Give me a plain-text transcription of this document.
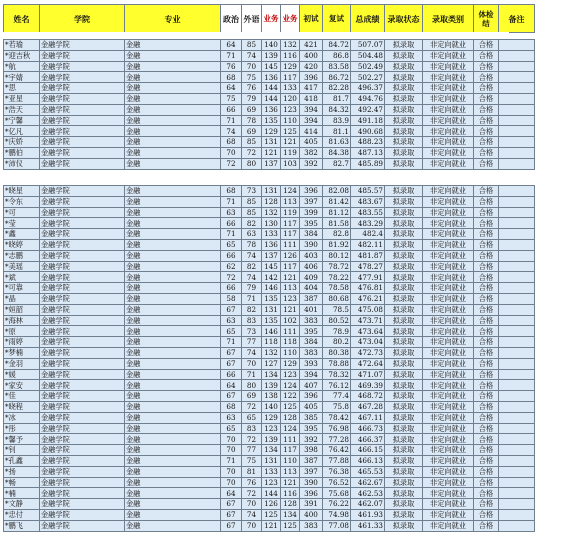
姓名	学院	专业	政治	外语	业务	业务	初试	复试	总成绩	录取状态	录取类别	体检结	备注
*若瑜	金融学院	金融	64	85	140	132	421	84.72	507.07	拟录取	非定向就业	合格	
*迎吉秋	金融学院	金融	71	74	139	116	400	86.8	504.48	拟录取	非定向就业	合格	
*航	金融学院	金融	76	70	145	129	420	83.58	502.49	拟录取	非定向就业	合格	
*宇婧	金融学院	金融	68	75	136	117	396	86.72	502.27	拟录取	非定向就业	合格	
*思	金融学院	金融	64	76	144	133	417	82.28	496.37	拟录取	非定向就业	合格	
*亚星	金融学院	金融	75	79	144	120	418	81.7	494.76	拟录取	非定向就业	合格	
*浩天	金融学院	金融	66	69	136	123	394	84.32	492.47	拟录取	非定向就业	合格	
*宁馨	金融学院	金融	71	78	135	110	394	83.9	491.18	拟录取	非定向就业	合格	
*亿凡	金融学院	金融	74	69	129	125	414	81.1	490.68	拟录取	非定向就业	合格	
*庆娇	金融学院	金融	68	85	131	121	405	81.63	488.23	拟录取	非定向就业	合格	
*鹏伯	金融学院	金融	70	72	121	119	382	84.38	487.13	拟录取	非定向就业	合格	
*沛仪	金融学院	金融	72	80	137	103	392	82.7	485.89	拟录取	非定向就业	合格	
*晓星	金融学院	金融	68	73	131	124	396	82.08	485.57	拟录取	非定向就业	合格	
*令东	金融学院	金融	71	85	128	113	397	81.42	483.67	拟录取	非定向就业	合格	
*可	金融学院	金融	63	85	132	119	399	81.12	483.55	拟录取	非定向就业	合格	
*莹	金融学院	金融	66	82	130	117	395	81.58	483.29	拟录取	非定向就业	合格	
*鑫	金融学院	金融	71	63	133	117	384	82.8	482.4	拟录取	非定向就业	合格	
*晓婷	金融学院	金融	65	78	136	111	390	81.92	482.11	拟录取	非定向就业	合格	
*志鹏	金融学院	金融	66	74	137	126	403	80.12	481.87	拟录取	非定向就业	合格	
*美瑶	金融学院	金融	62	82	145	117	406	78.72	478.27	拟录取	非定向就业	合格	
*斌	金融学院	金融	72	74	142	121	409	78.22	477.91	拟录取	非定向就业	合格	
*可靠	金融学院	金融	66	79	146	113	404	78.58	476.81	拟录取	非定向就业	合格	
*晶	金融学院	金融	58	71	135	123	387	80.68	476.21	拟录取	非定向就业	合格	
*姮韶	金融学院	金融	67	82	131	121	401	78.5	475.08	拟录取	非定向就业	合格	
*海林	金融学院	金融	63	83	135	102	383	80.52	473.71	拟录取	非定向就业	合格	
*原	金融学院	金融	65	73	146	111	395	78.9	473.64	拟录取	非定向就业	合格	
*雨婷	金融学院	金融	71	77	118	118	384	80.2	473.04	拟录取	非定向就业	合格	
*梦楠	金融学院	金融	67	74	132	110	383	80.38	472.73	拟录取	非定向就业	合格	
*金羽	金融学院	金融	67	70	127	129	393	78.88	472.64	拟录取	非定向就业	合格	
*媛	金融学院	金融	66	71	134	123	394	78.32	471.07	拟录取	非定向就业	合格	
*家安	金融学院	金融	64	80	139	124	407	76.12	469.39	拟录取	非定向就业	合格	
*佳	金融学院	金融	67	69	138	122	396	77.4	468.72	拟录取	非定向就业	合格	
*晓程	金融学院	金融	68	72	140	125	405	75.8	467.28	拟录取	非定向就业	合格	
*冰	金融学院	金融	63	65	129	128	385	78.42	467.11	拟录取	非定向就业	合格	
*彤	金融学院	金融	65	83	123	124	395	76.98	466.73	拟录取	非定向就业	合格	
*馨予	金融学院	金融	70	72	139	111	392	77.28	466.37	拟录取	非定向就业	合格	
*钊	金融学院	金融	70	77	134	117	398	76.42	466.15	拟录取	非定向就业	合格	
*孔鑫	金融学院	金融	71	75	131	110	387	77.88	466.13	拟录取	非定向就业	合格	
*扬	金融学院	金融	70	81	133	113	397	76.38	465.53	拟录取	非定向就业	合格	
*畅	金融学院	金融	70	76	123	121	390	76.52	462.67	拟录取	非定向就业	合格	
*楠	金融学院	金融	64	72	144	116	396	75.68	462.53	拟录取	非定向就业	合格	
*文静	金融学院	金融	67	70	126	128	391	76.22	462.07	拟录取	非定向就业	合格	
*忠付	金融学院	金融	67	74	125	134	400	74.98	461.93	拟录取	非定向就业	合格	
*鹏飞	金融学院	金融	67	70	121	125	383	77.08	461.33	拟录取	非定向就业	合格	
